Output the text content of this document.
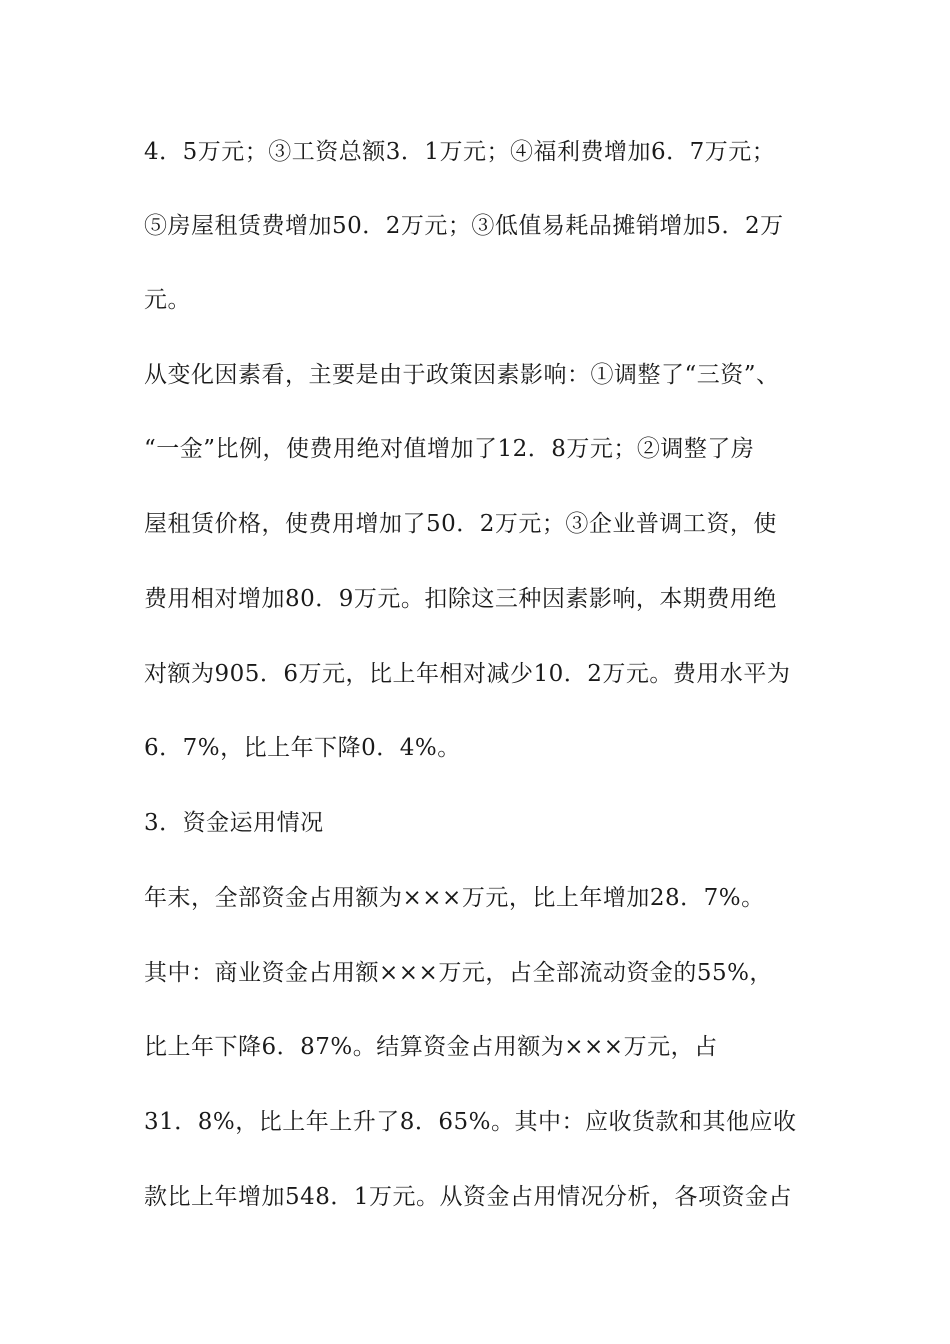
4．5万元；③工资总额3．1万元；④福利费增加6．7万元；
⑤房屋租赁费增加50．2万元；③低值易耗品摊销增加5．2万
元。
从变化因素看，主要是由于政策因素影响：①调整了“三资”、
“一金”比例，使费用绝对值增加了12．8万元；②调整了房
屋租赁价格，使费用增加了50．2万元；③企业普调工资，使
费用相对增加80．9万元。扣除这三种因素影响，本期费用绝
对额为905．6万元，比上年相对减少10．2万元。费用水平为
6．7%，比上年下降0．4%。
3．资金运用情况
年末，全部资金占用额为×××万元，比上年增加28．7%。
其中：商业资金占用额×××万元，占全部流动资金的55%，
比上年下降6．87%。结算资金占用额为×××万元，占
31．8%，比上年上升了8．65%。其中：应收货款和其他应收
款比上年增加548．1万元。从资金占用情况分析，各项资金占
